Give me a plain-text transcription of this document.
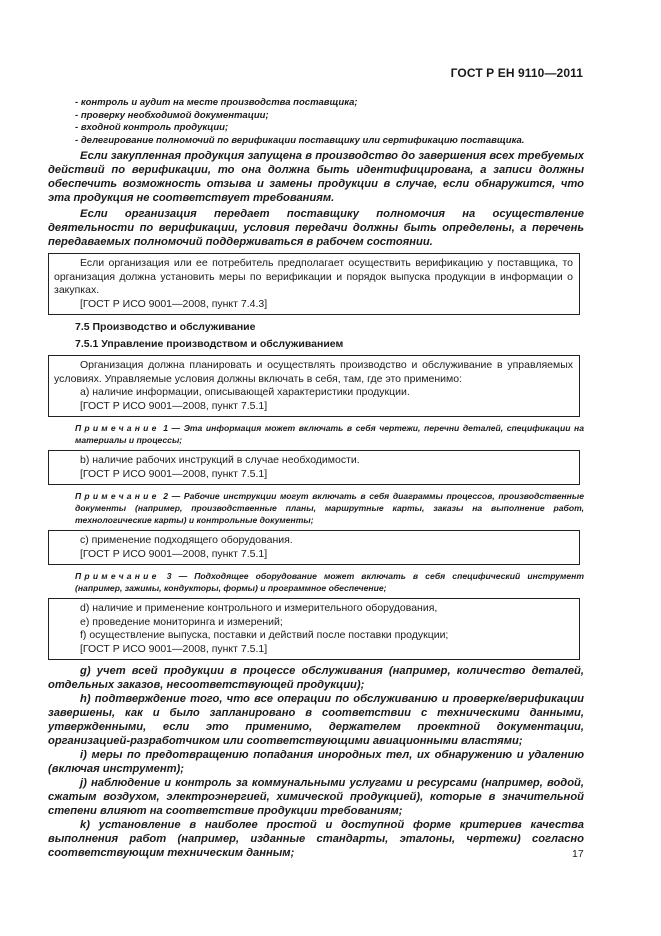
ГОСТ Р ЕН 9110—2011
- контроль и аудит на месте производства поставщика;
- проверку необходимой документации;
- входной контроль продукции;
- делегирование полномочий по верификации поставщику или сертификацию поставщика.

Если закупленная продукция запущена в производство до завершения всех требуемых действий по верификации, то она должна быть идентифицирована, а записи должны обеспечить возможность отзыва и замены продукции в случае, если обнаружится, что эта продукция не соответствует требованиям.

Если организация передает поставщику полномочия на осуществление деятельности по верификации, условия передачи должны быть определены, а перечень передаваемых полномочий поддерживаться в рабочем состоянии.

Если организация или ее потребитель предполагает осуществить верификацию у поставщика, то организация должна установить меры по верификации и порядок выпуска продукции в информации о закупках.

[ГОСТ Р ИСО 9001—2008, пункт 7.4.3]

7.5 Производство и обслуживание

7.5.1 Управление производством и обслуживанием

Организация должна планировать и осуществлять производство и обслуживание в управляемых условиях. Управляемые условия должны включать в себя, там, где это применимо:

а) наличие информации, описывающей характеристики продукции.

[ГОСТ Р ИСО 9001—2008, пункт 7.5.1]

Примечание 1 — Эта информация может включать в себя чертежи, перечни деталей, спецификации на материалы и процессы;

b) наличие рабочих инструкций в случае необходимости.

[ГОСТ Р ИСО 9001—2008, пункт 7.5.1]

Примечание 2 — Рабочие инструкции могут включать в себя диаграммы процессов, производственные документы (например, производственные планы, маршрутные карты, заказы на выполнение работ, технологические карты) и контрольные документы;

с) применение подходящего оборудования.

[ГОСТ Р ИСО 9001—2008, пункт 7.5.1]

Примечание 3 — Подходящее оборудование может включать в себя специфический инструмент (например, зажимы, кондукторы, формы) и программное обеспечение;

d) наличие и применение контрольного и измерительного оборудования,

е) проведение мониторинга и измерений;

f) осуществление выпуска, поставки и действий после поставки продукции;

[ГОСТ Р ИСО 9001—2008, пункт 7.5.1]

g) учет всей продукции в процессе обслуживания (например, количество деталей, отдельных заказов, несоответствующей продукции);

h) подтверждение того, что все операции по обслуживанию и проверке/верификации завершены, как и было запланировано в соответствии с техническими данными, утвержденными, если это применимо, держателем проектной документации, организацией-разработчиком или соответствующими авиационными властями;

i) меры по предотвращению попадания инородных тел, их обнаружению и удалению (включая инструмент);

j) наблюдение и контроль за коммунальными услугами и ресурсами (например, водой, сжатым воздухом, электроэнергией, химической продукцией), которые в значительной степени влияют на соответствие продукции требованиям;

k) установление в наиболее простой и доступной форме критериев качества выполнения работ (например, изданные стандарты, эталоны, чертежи) согласно соответствующим техническим данным;	17
